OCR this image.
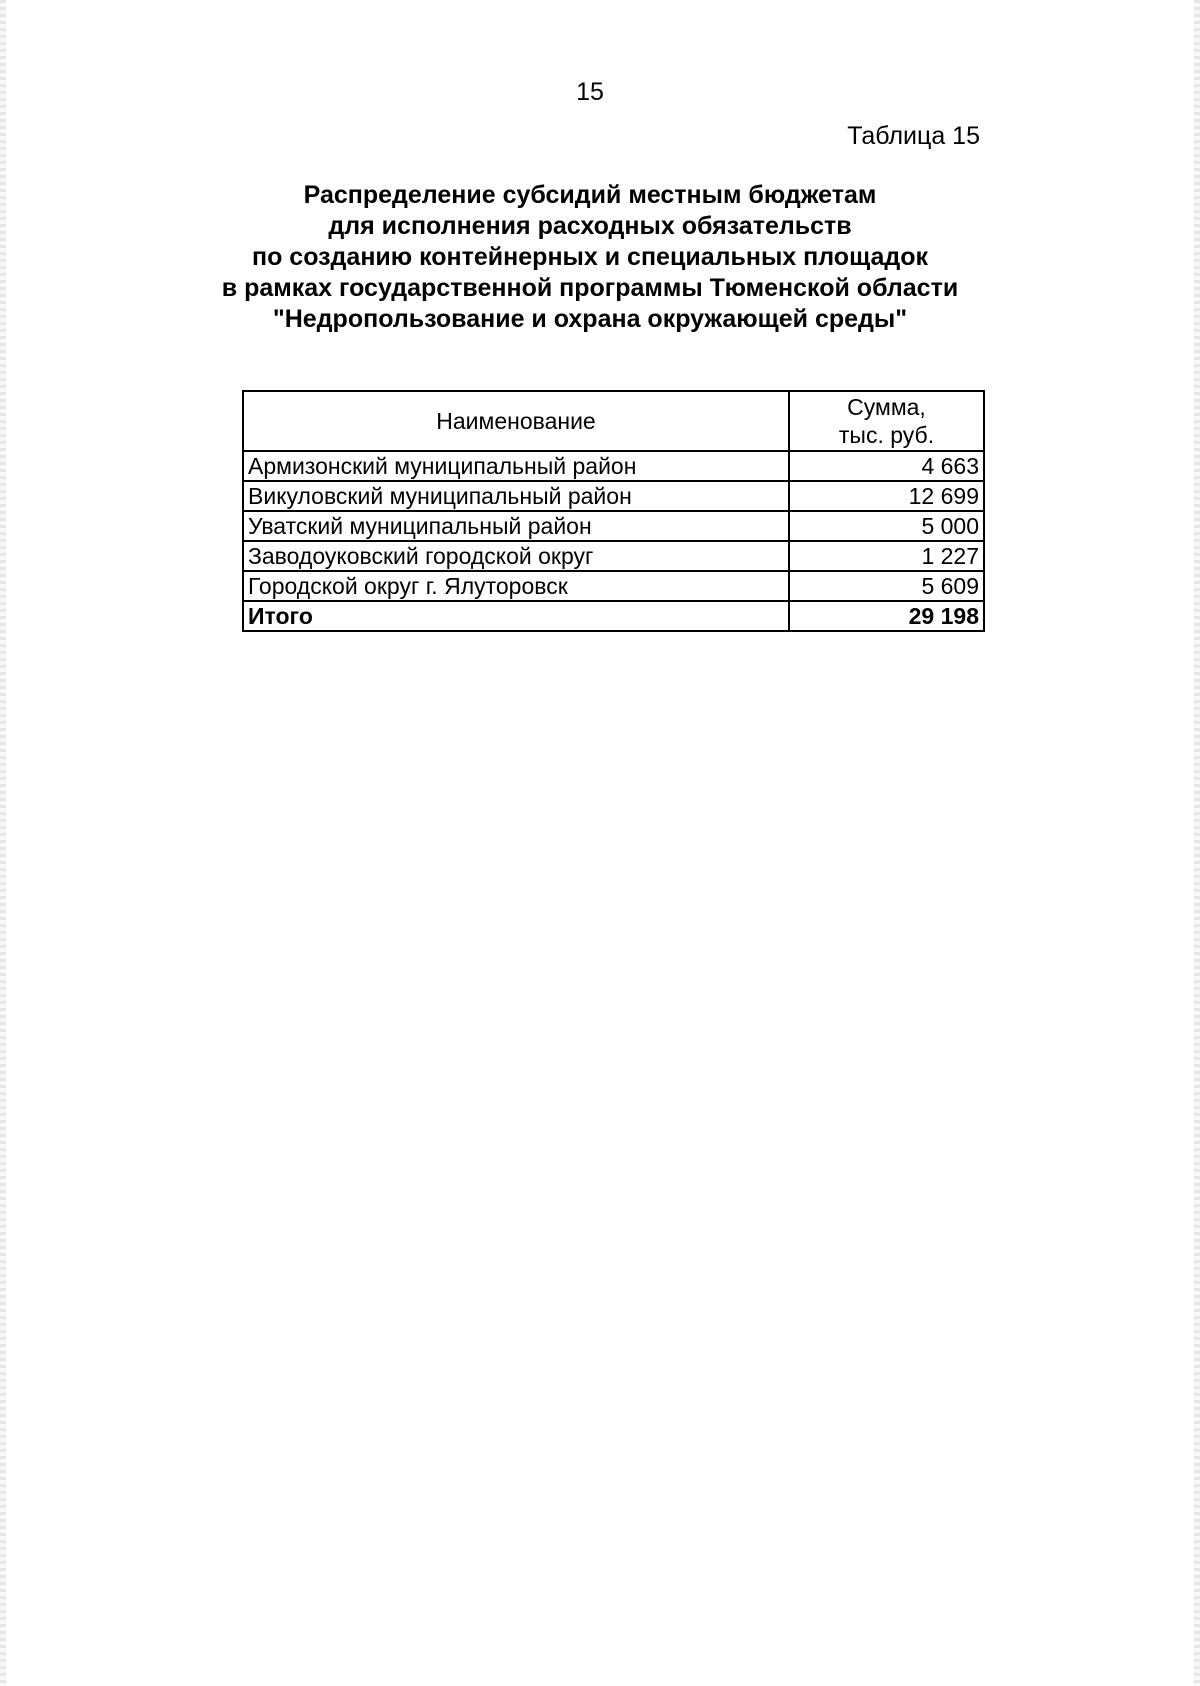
15
Таблица 15
Распределение субсидий местным бюджетам
для исполнения расходных обязательств
по созданию контейнерных и специальных площадок
в рамках государственной программы Тюменской области
"Недропользование и охрана окружающей среды"
Наименование	Сумма,
тыс. руб.
Армизонский муниципальный район	4 663
Викуловский муниципальный район	12 699
Уватский муниципальный район	5 000
Заводоуковский городской округ	1 227
Городской округ г. Ялуторовск	5 609
Итого	29 198
